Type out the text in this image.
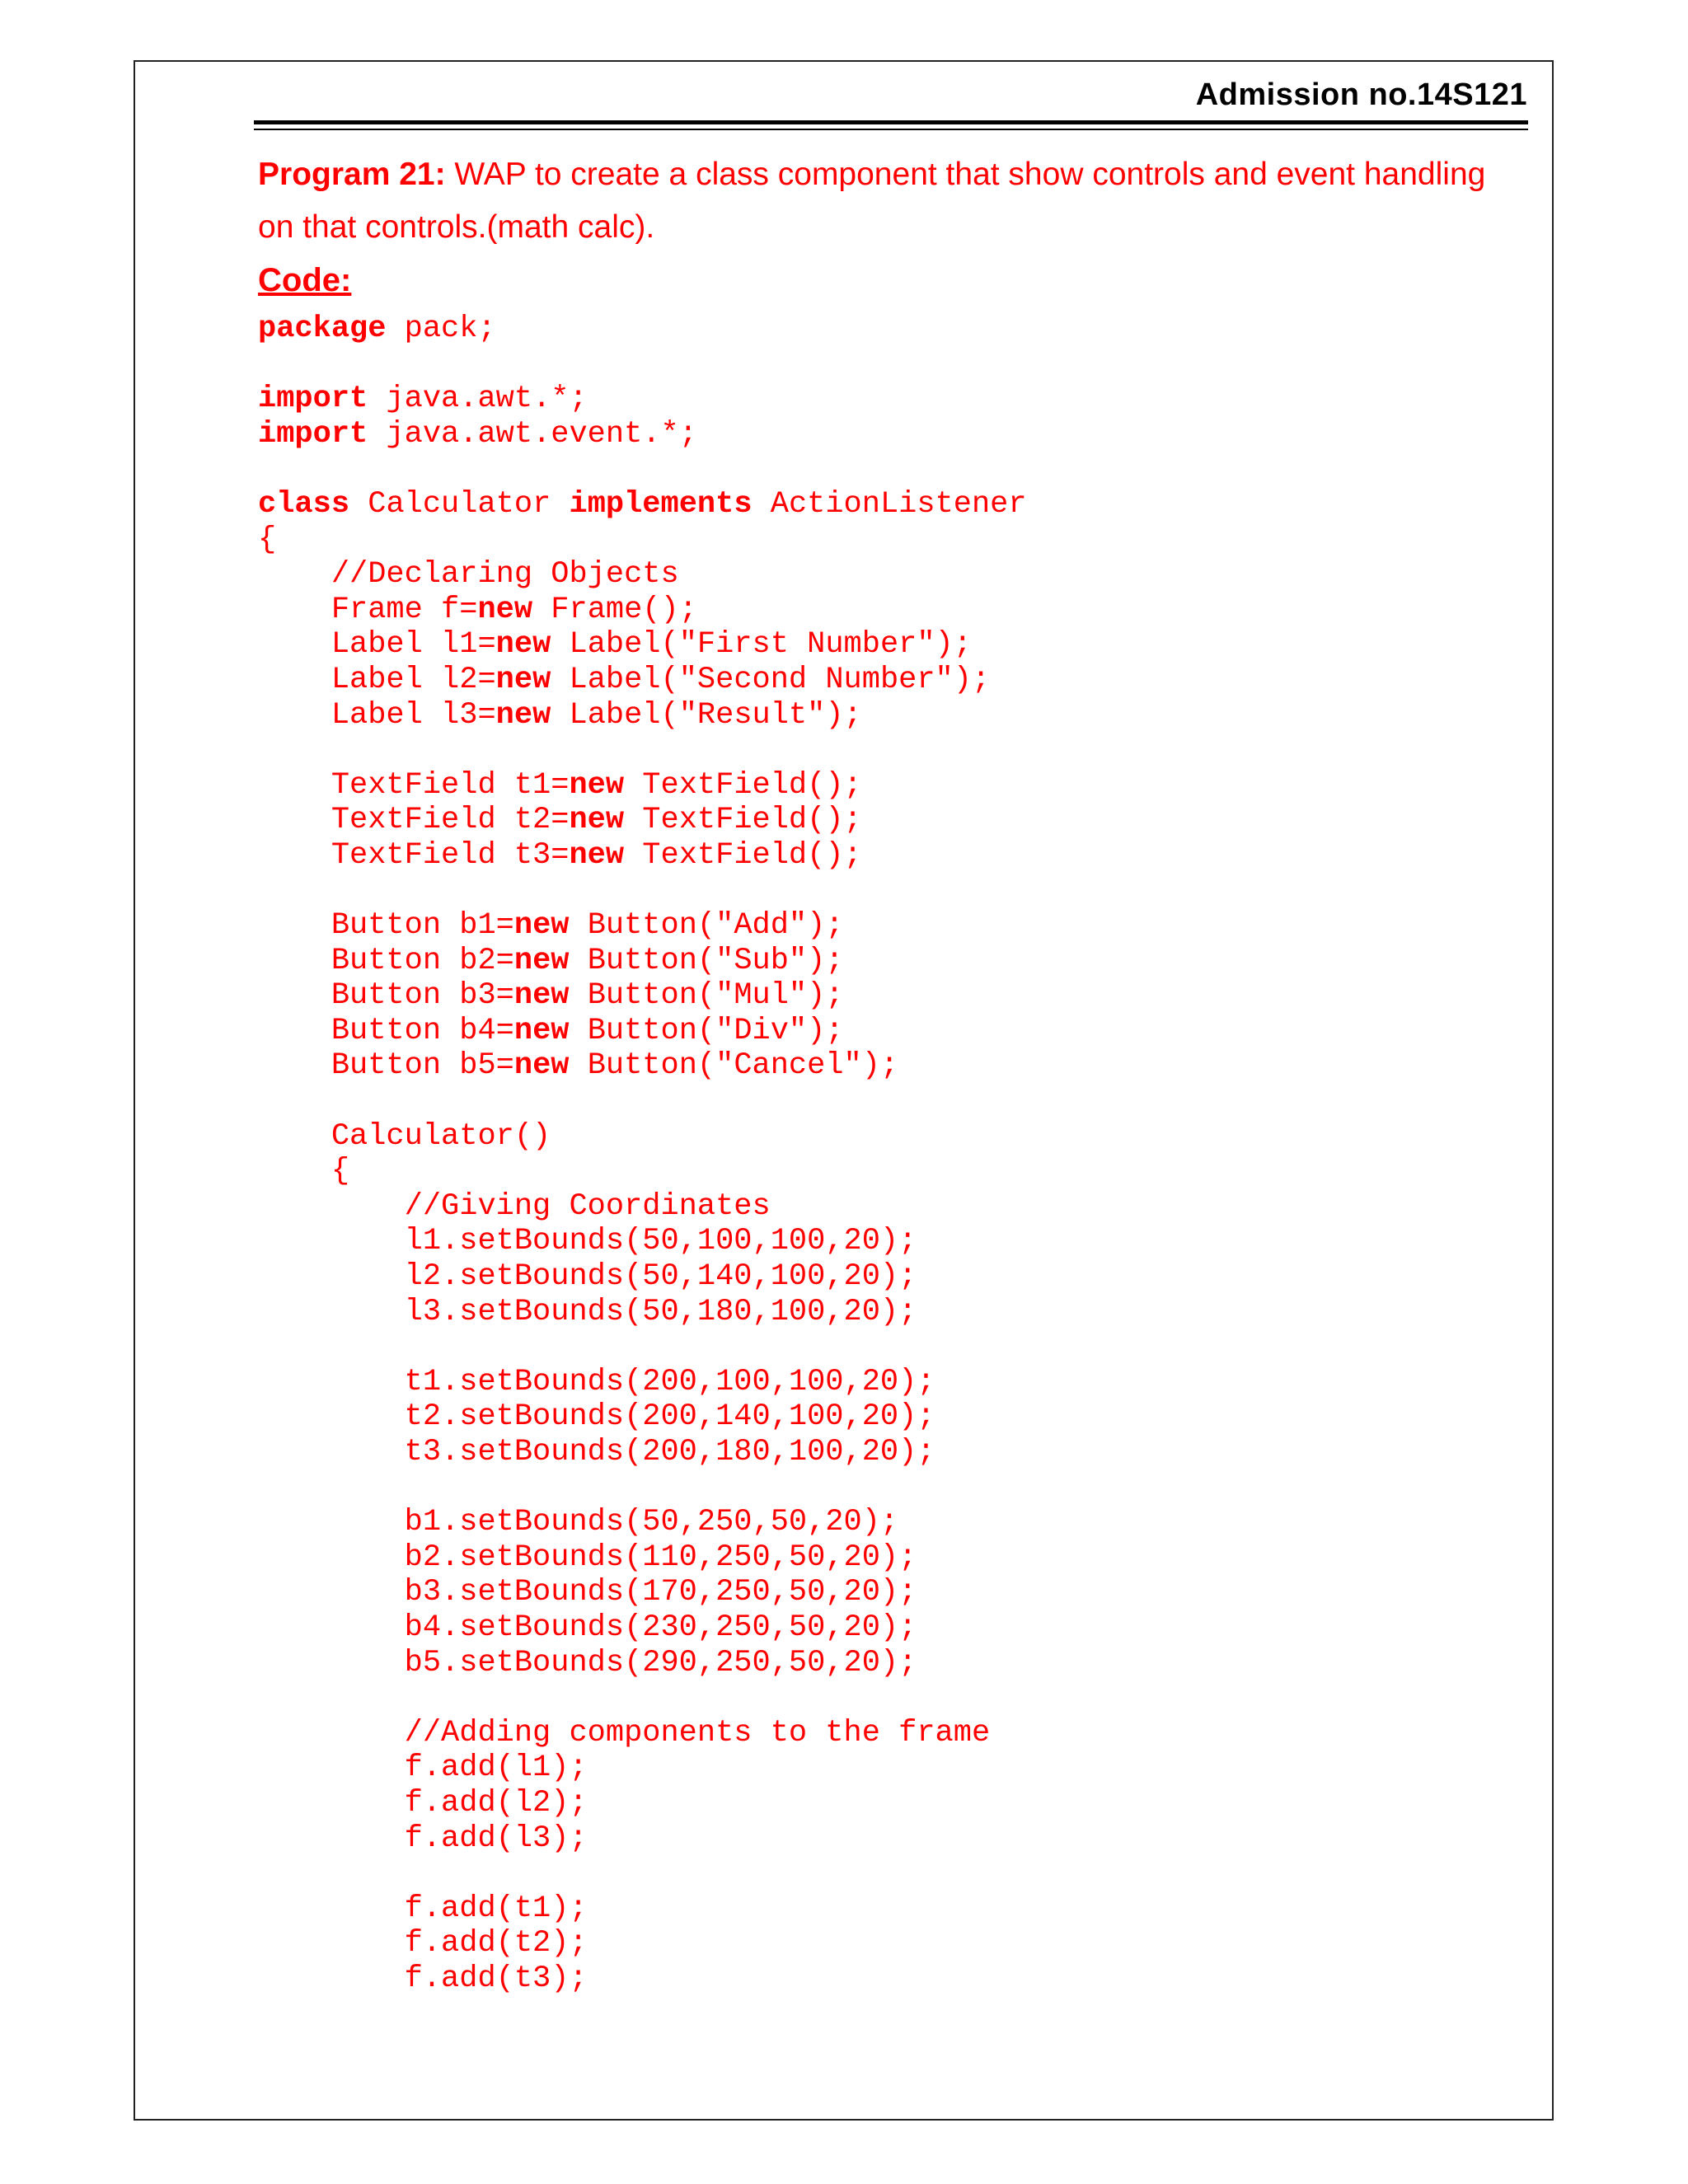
Admission no.14S121
Program 21: WAP to create a class component that show controls and event handling on that controls.(math calc).
Code:
package pack;
import java.awt.*;
import java.awt.event.*;
class Calculator implements ActionListener
{
//Declaring Objects
Frame f=new Frame();
Label l1=new Label("First Number");
Label l2=new Label("Second Number");
Label l3=new Label("Result");
TextField t1=new TextField();
TextField t2=new TextField();
TextField t3=new TextField();
Button b1=new Button("Add");
Button b2=new Button("Sub");
Button b3=new Button("Mul");
Button b4=new Button("Div");
Button b5=new Button("Cancel");
Calculator()
{
//Giving Coordinates
l1.setBounds(50,100,100,20);
l2.setBounds(50,140,100,20);
l3.setBounds(50,180,100,20);
t1.setBounds(200,100,100,20);
t2.setBounds(200,140,100,20);
t3.setBounds(200,180,100,20);
b1.setBounds(50,250,50,20);
b2.setBounds(110,250,50,20);
b3.setBounds(170,250,50,20);
b4.setBounds(230,250,50,20);
b5.setBounds(290,250,50,20);
//Adding components to the frame
f.add(l1);
f.add(l2);
f.add(l3);
f.add(t1);
f.add(t2);
f.add(t3);
